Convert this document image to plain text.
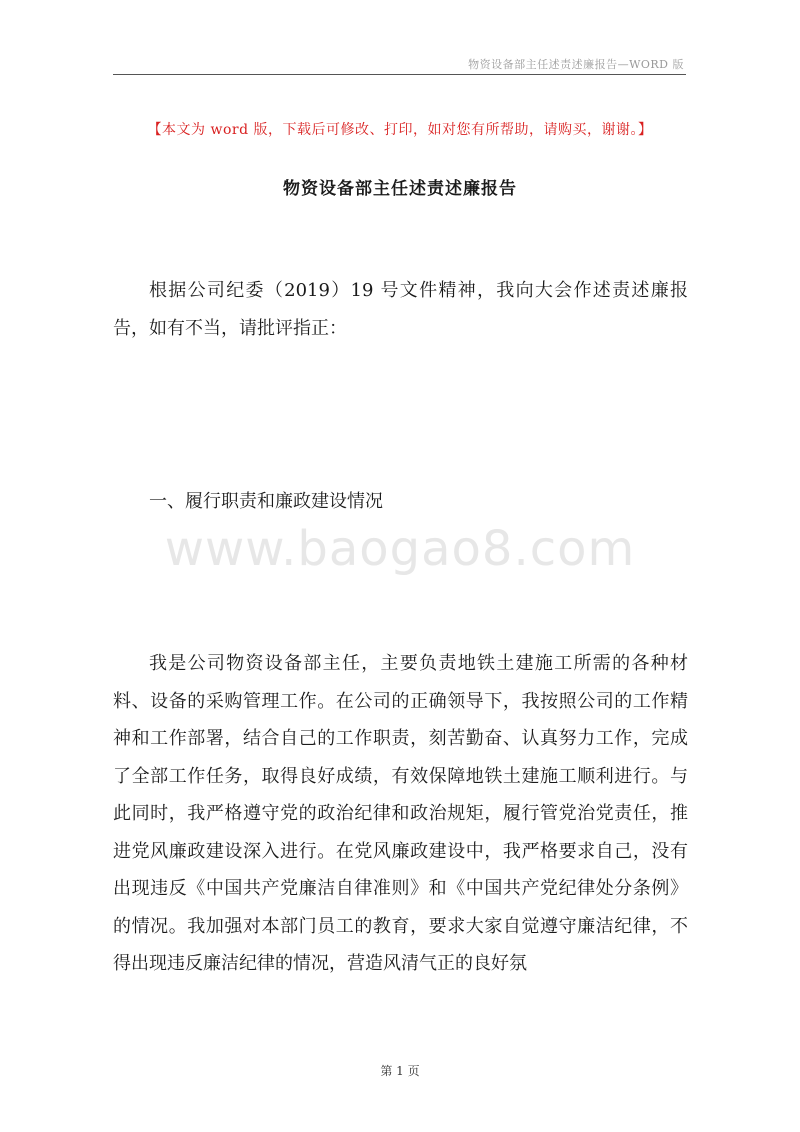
物资设备部主任述责述廉报告—WORD 版
【本文为 word 版，下载后可修改、打印，如对您有所帮助，请购买，谢谢。】
物资设备部主任述责述廉报告

根据公司纪委（2019）19 号文件精神，我向大会作述责述廉报告，如有不当，请批评指正：

一、履行职责和廉政建设情况
www.baogao8.com

我是公司物资设备部主任，主要负责地铁土建施工所需的各种材料、设备的采购管理工作。在公司的正确领导下，我按照公司的工作精神和工作部署，结合自己的工作职责，刻苦勤奋、认真努力工作，完成了全部工作任务，取得良好成绩，有效保障地铁土建施工顺利进行。与此同时，我严格遵守党的政治纪律和政治规矩，履行管党治党责任，推进党风廉政建设深入进行。在党风廉政建设中，我严格要求自己，没有出现违反《中国共产党廉洁自律准则》和《中国共产党纪律处分条例》的情况。我加强对本部门员工的教育，要求大家自觉遵守廉洁纪律，不得出现违反廉洁纪律的情况，营造风清气正的良好氛

第 1 页
